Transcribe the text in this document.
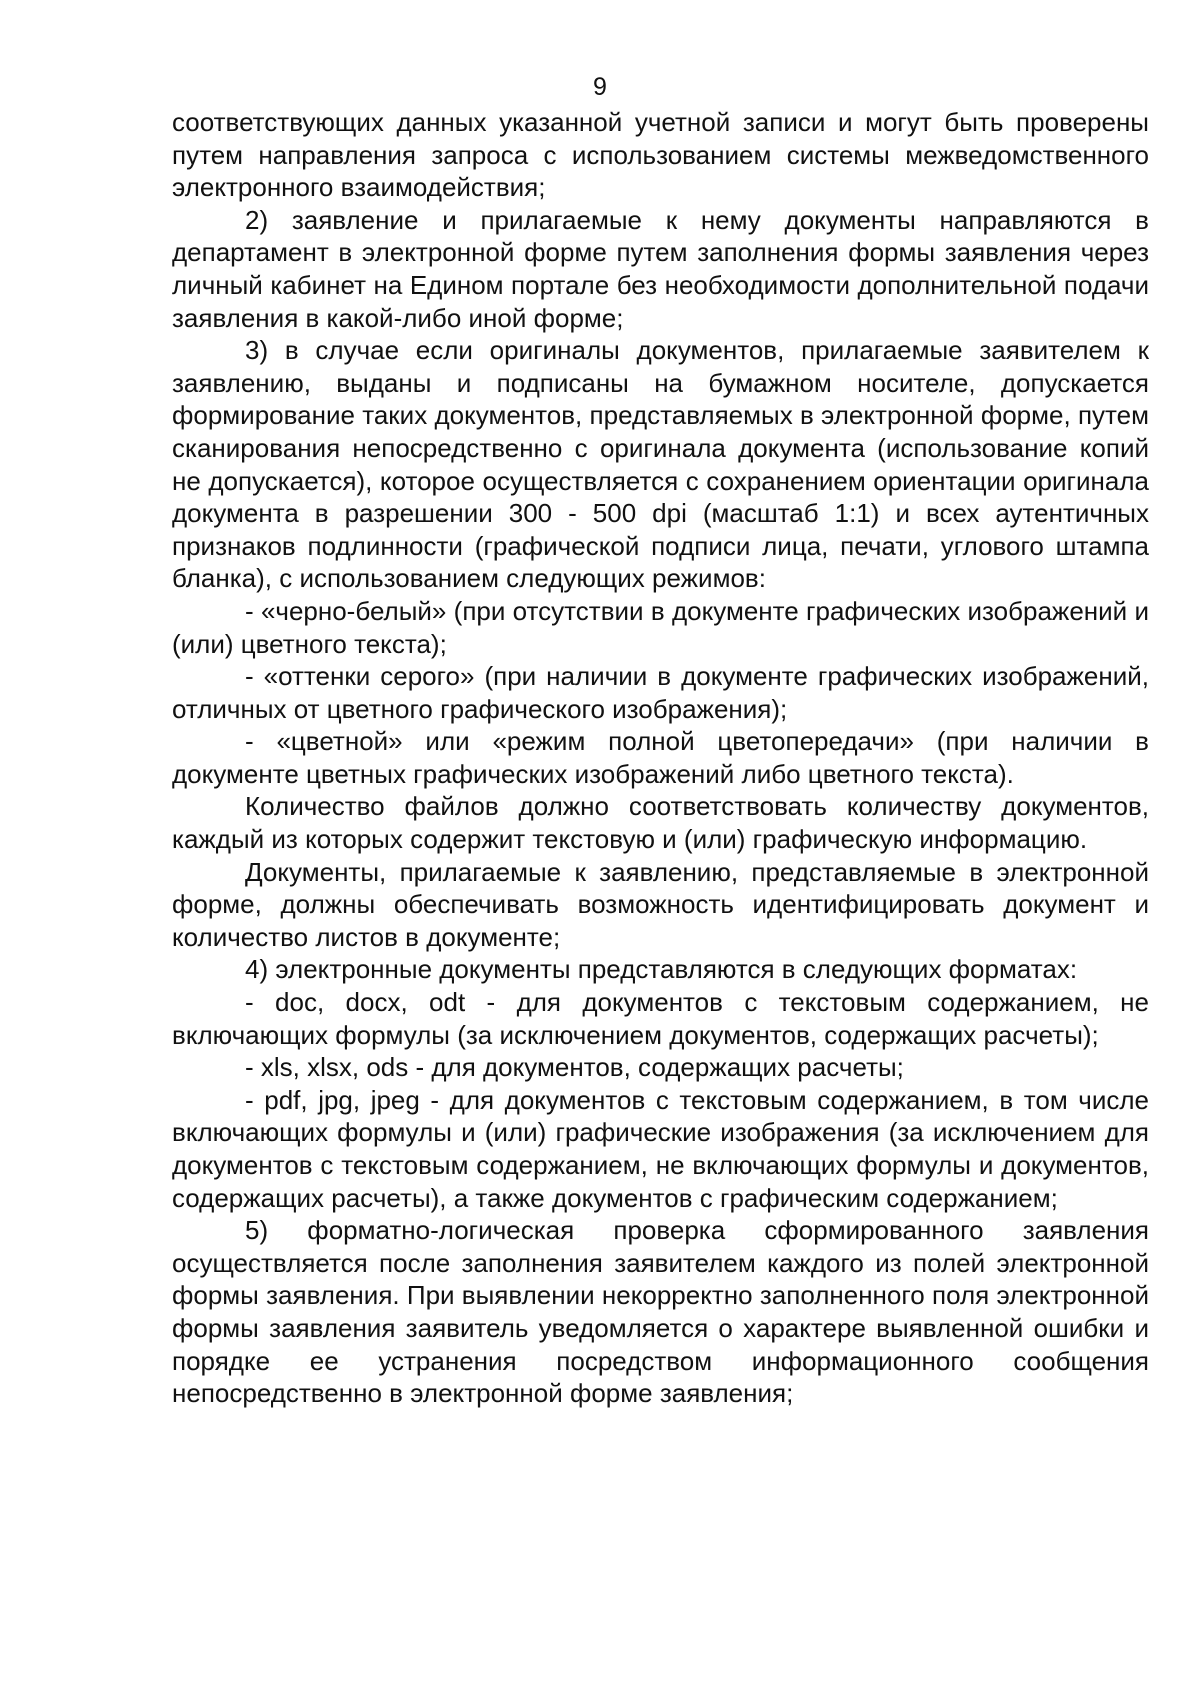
9

соответствующих данных указанной учетной записи и могут быть проверены путем направления запроса с использованием системы межведомственного электронного взаимодействия;

2) заявление и прилагаемые к нему документы направляются в департамент в электронной форме путем заполнения формы заявления через личный кабинет на Едином портале без необходимости дополнительной подачи заявления в какой-либо иной форме;

3) в случае если оригиналы документов, прилагаемые заявителем к заявлению, выданы и подписаны на бумажном носителе, допускается формирование таких документов, представляемых в электронной форме, путем сканирования непосредственно с оригинала документа (использование копий не допускается), которое осуществляется с сохранением ориентации оригинала документа в разрешении 300 - 500 dpi (масштаб 1:1) и всех аутентичных признаков подлинности (графической подписи лица, печати, углового штампа бланка), с использованием следующих режимов:

- «черно-белый» (при отсутствии в документе графических изображений и (или) цветного текста);

- «оттенки серого» (при наличии в документе графических изображений, отличных от цветного графического изображения);

- «цветной» или «режим полной цветопередачи» (при наличии в документе цветных графических изображений либо цветного текста).

Количество файлов должно соответствовать количеству документов, каждый из которых содержит текстовую и (или) графическую информацию.

Документы, прилагаемые к заявлению, представляемые в электронной форме, должны обеспечивать возможность идентифицировать документ и количество листов в документе;

4) электронные документы представляются в следующих форматах:

- doc, docx, odt - для документов с текстовым содержанием, не включающих формулы (за исключением документов, содержащих расчеты);

- xls, xlsx, ods - для документов, содержащих расчеты;

- pdf, jpg, jpeg - для документов с текстовым содержанием, в том числе включающих формулы и (или) графические изображения (за исключением для документов с текстовым содержанием, не включающих формулы и документов, содержащих расчеты), а также документов с графическим содержанием;

5) форматно-логическая проверка сформированного заявления осуществляется после заполнения заявителем каждого из полей электронной формы заявления. При выявлении некорректно заполненного поля электронной формы заявления заявитель уведомляется о характере выявленной ошибки и порядке ее устранения посредством информационного сообщения непосредственно в электронной форме заявления;
